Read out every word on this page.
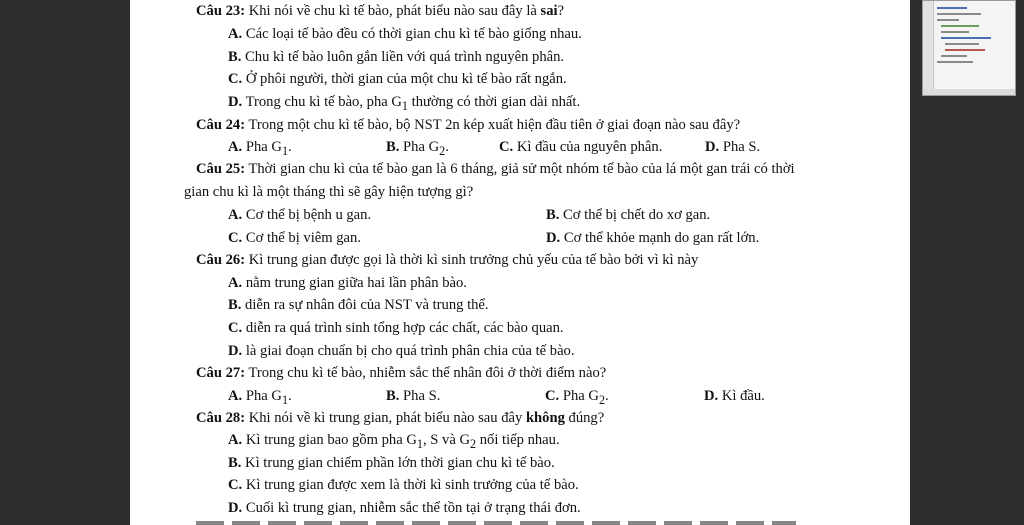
Câu 23: Khi nói về chu kì tế bào, phát biểu nào sau đây là sai?
A. Các loại tế bào đều có thời gian chu kì tế bào giống nhau.
B. Chu kì tế bào luôn gắn liền với quá trình nguyên phân.
C. Ở phôi người, thời gian của một chu kì tế bào rất ngắn.
D. Trong chu kì tế bào, pha $G_1$ thường có thời gian dài nhất.
Câu 24: Trong một chu kì tế bào, bộ NST 2n kép xuất hiện đầu tiên ở giai đoạn nào sau đây?
A. Pha $G_1$.	B. Pha $G_2$.	C. Kì đầu của nguyên phân.	D. Pha S.
Câu 25: Thời gian chu kì của tế bào gan là 6 tháng, giả sử một nhóm tế bào của lá một gan trái có thời
gian chu kì là một tháng thì sẽ gây hiện tượng gì?
A. Cơ thể bị bệnh u gan.	B. Cơ thể bị chết do xơ gan.
C. Cơ thể bị viêm gan.	D. Cơ thể khỏe mạnh do gan rất lớn.
Câu 26: Kì trung gian được gọi là thời kì sinh trưởng chủ yếu của tế bào bởi vì kì này
A. nằm trung gian giữa hai lần phân bào.
B. diễn ra sự nhân đôi của NST và trung thể.
C. diễn ra quá trình sinh tổng hợp các chất, các bào quan.
D. là giai đoạn chuẩn bị cho quá trình phân chia của tế bào.
Câu 27: Trong chu kì tế bào, nhiễm sắc thể nhân đôi ở thời điểm nào?
A. Pha $G_1$.	B. Pha S.	C. Pha $G_2$.	D. Kì đầu.
Câu 28: Khi nói về kì trung gian, phát biểu nào sau đây không đúng?
A. Kì trung gian bao gồm pha $G_1$, S và $G_2$ nối tiếp nhau.
B. Kì trung gian chiếm phần lớn thời gian chu kì tế bào.
C. Kì trung gian được xem là thời kì sinh trưởng của tế bào.
D. Cuối kì trung gian, nhiễm sắc thể tồn tại ở trạng thái đơn.
